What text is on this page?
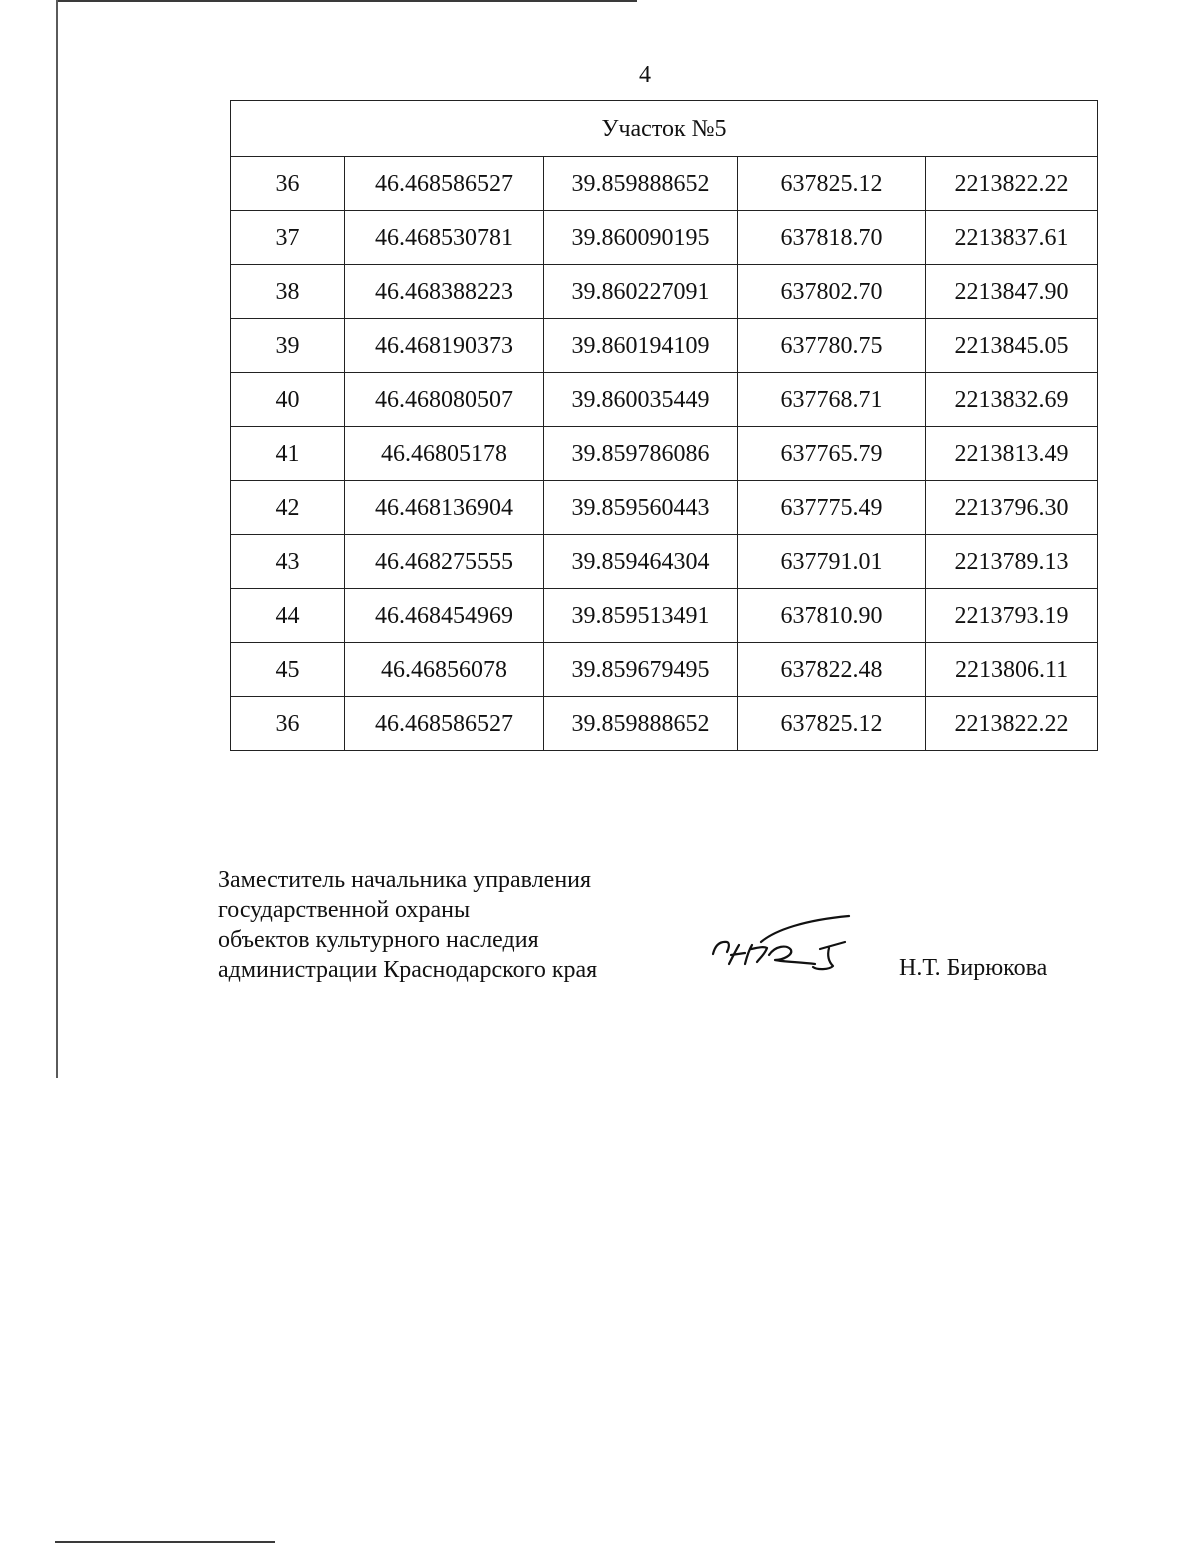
4
Участок №5				
36	46.468586527	39.859888652	637825.12	2213822.22
37	46.468530781	39.860090195	637818.70	2213837.61
38	46.468388223	39.860227091	637802.70	2213847.90
39	46.468190373	39.860194109	637780.75	2213845.05
40	46.468080507	39.860035449	637768.71	2213832.69
41	46.46805178	39.859786086	637765.79	2213813.49
42	46.468136904	39.859560443	637775.49	2213796.30
43	46.468275555	39.859464304	637791.01	2213789.13
44	46.468454969	39.859513491	637810.90	2213793.19
45	46.46856078	39.859679495	637822.48	2213806.11
36	46.468586527	39.859888652	637825.12	2213822.22
Заместитель начальника управления
государственной охраны
объектов культурного наследия
администрации Краснодарского края	Н.Т. Бирюкова
